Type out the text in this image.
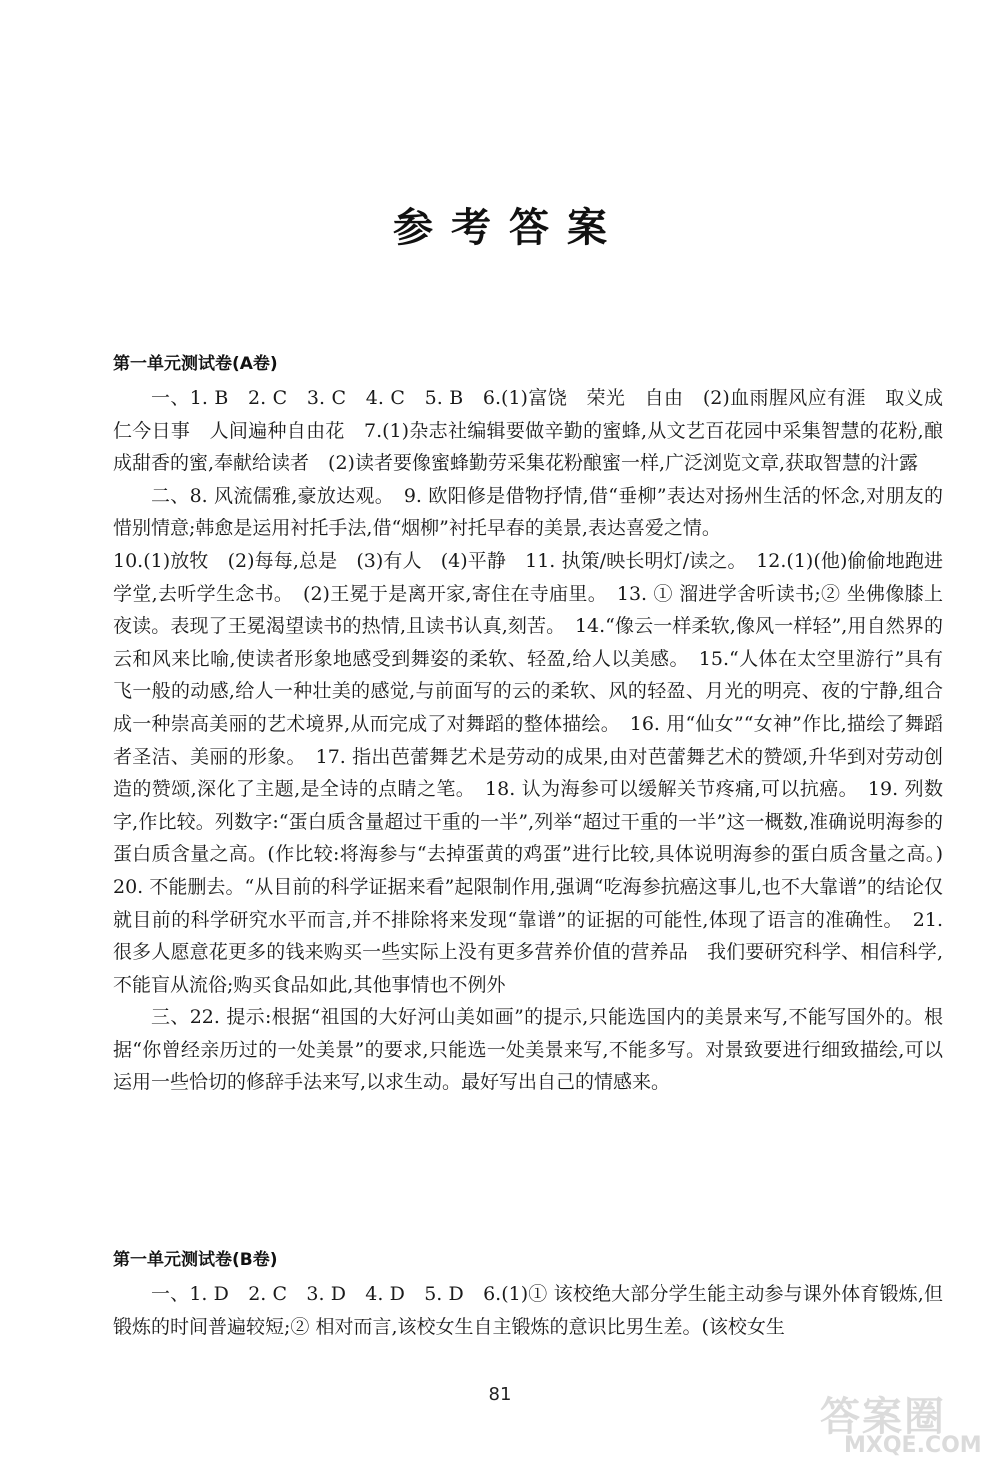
参考答案
第一单元测试卷(A卷)

一、1. B　2. C　3. C　4. C　5. B　6.(1)富饶　荣光　自由　(2)血雨腥风应有涯　取义成仁今日事　人间遍种自由花　7.(1)杂志社编辑要做辛勤的蜜蜂,从文艺百花园中采集智慧的花粉,酿成甜香的蜜,奉献给读者　(2)读者要像蜜蜂勤劳采集花粉酿蜜一样,广泛浏览文章,获取智慧的汁露

二、8. 风流儒雅,豪放达观。　9. 欧阳修是借物抒情,借“垂柳”表达对扬州生活的怀念,对朋友的惜别情意;韩愈是运用衬托手法,借“烟柳”衬托早春的美景,表达喜爱之情。

10.(1)放牧　(2)每每,总是　(3)有人　(4)平静　11. 执策/映长明灯/读之。　12.(1)(他)偷偷地跑进学堂,去听学生念书。　(2)王冕于是离开家,寄住在寺庙里。　13. ① 溜进学舍听读书;② 坐佛像膝上夜读。表现了王冕渴望读书的热情,且读书认真,刻苦。　14.“像云一样柔软,像风一样轻”,用自然界的云和风来比喻,使读者形象地感受到舞姿的柔软、轻盈,给人以美感。　15.“人体在太空里游行”具有飞一般的动感,给人一种壮美的感觉,与前面写的云的柔软、风的轻盈、月光的明亮、夜的宁静,组合成一种崇高美丽的艺术境界,从而完成了对舞蹈的整体描绘。　16. 用“仙女”“女神”作比,描绘了舞蹈者圣洁、美丽的形象。　17. 指出芭蕾舞艺术是劳动的成果,由对芭蕾舞艺术的赞颂,升华到对劳动创造的赞颂,深化了主题,是全诗的点睛之笔。　18. 认为海参可以缓解关节疼痛,可以抗癌。　19. 列数字,作比较。列数字:“蛋白质含量超过干重的一半”,列举“超过干重的一半”这一概数,准确说明海参的蛋白质含量之高。(作比较:将海参与“去掉蛋黄的鸡蛋”进行比较,具体说明海参的蛋白质含量之高。)　20. 不能删去。“从目前的科学证据来看”起限制作用,强调“吃海参抗癌这事儿,也不大靠谱”的结论仅就目前的科学研究水平而言,并不排除将来发现“靠谱”的证据的可能性,体现了语言的准确性。　21. 很多人愿意花更多的钱来购买一些实际上没有更多营养价值的营养品　我们要研究科学、相信科学,不能盲从流俗;购买食品如此,其他事情也不例外

三、22. 提示:根据“祖国的大好河山美如画”的提示,只能选国内的美景来写,不能写国外的。根据“你曾经亲历过的一处美景”的要求,只能选一处美景来写,不能多写。对景致要进行细致描绘,可以运用一些恰切的修辞手法来写,以求生动。最好写出自己的情感来。

第一单元测试卷(B卷)

一、1. D　2. C　3. D　4. D　5. D　6.(1)① 该校绝大部分学生能主动参与课外体育锻炼,但锻炼的时间普遍较短;② 相对而言,该校女生自主锻炼的意识比男生差。(该校女生

81	答案圈
MXQE.COM
